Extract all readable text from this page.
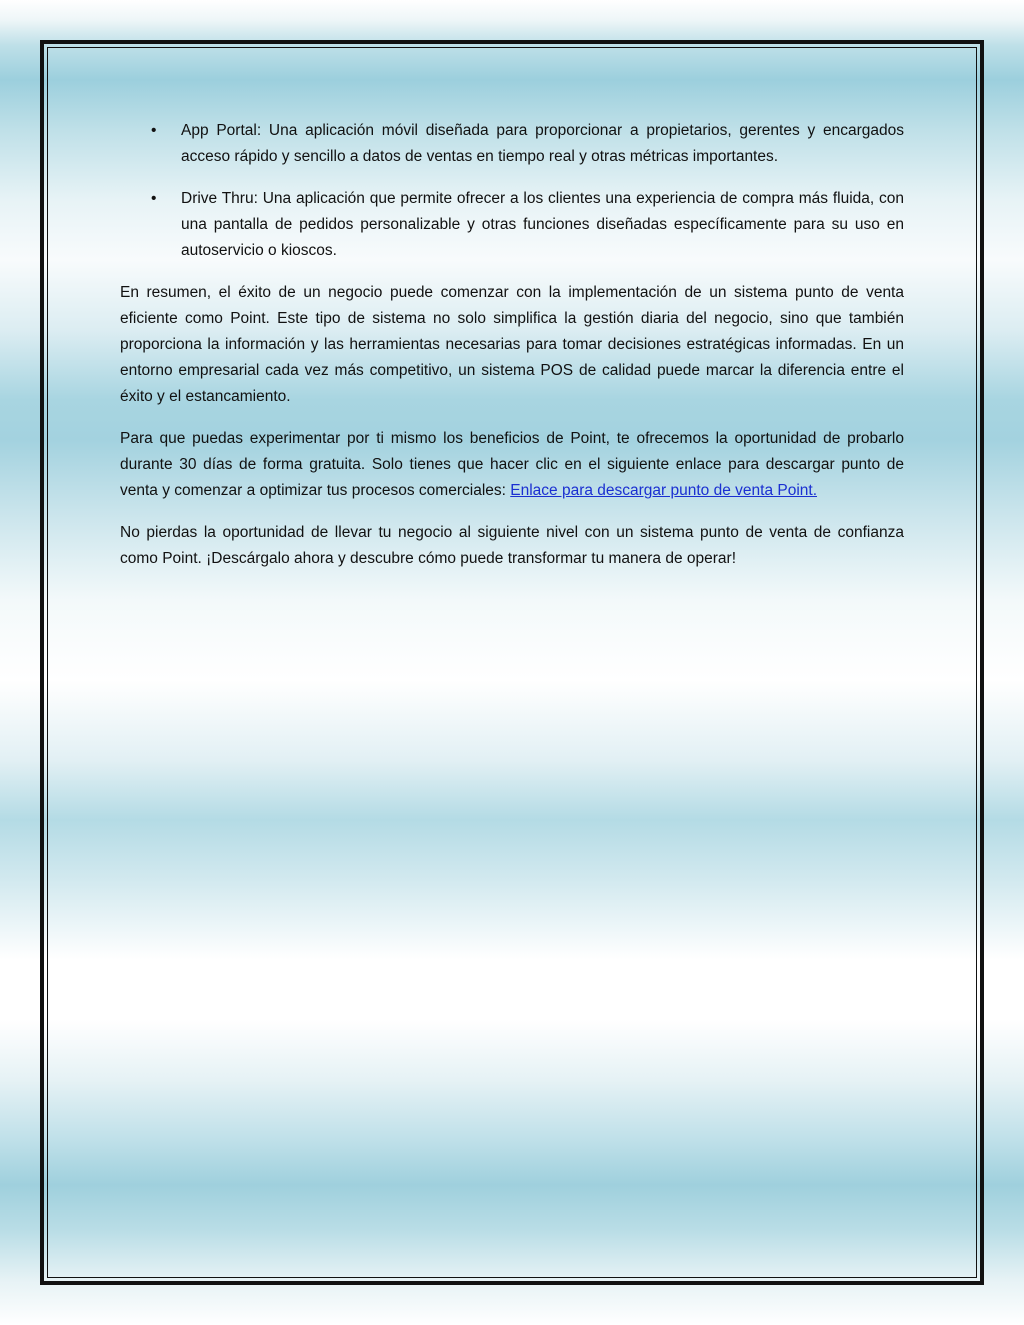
• App Portal: Una aplicación móvil diseñada para proporcionar a propietarios, gerentes y encargados acceso rápido y sencillo a datos de ventas en tiempo real y otras métricas importantes.
• Drive Thru: Una aplicación que permite ofrecer a los clientes una experiencia de compra más fluida, con una pantalla de pedidos personalizable y otras funciones diseñadas específicamente para su uso en autoservicio o kioscos.

En resumen, el éxito de un negocio puede comenzar con la implementación de un sistema punto de venta eficiente como Point. Este tipo de sistema no solo simplifica la gestión diaria del negocio, sino que también proporciona la información y las herramientas necesarias para tomar decisiones estratégicas informadas. En un entorno empresarial cada vez más competitivo, un sistema POS de calidad puede marcar la diferencia entre el éxito y el estancamiento.

Para que puedas experimentar por ti mismo los beneficios de Point, te ofrecemos la oportunidad de probarlo durante 30 días de forma gratuita. Solo tienes que hacer clic en el siguiente enlace para descargar punto de venta y comenzar a optimizar tus procesos comerciales: Enlace para descargar punto de venta Point.

No pierdas la oportunidad de llevar tu negocio al siguiente nivel con un sistema punto de venta de confianza como Point. ¡Descárgalo ahora y descubre cómo puede transformar tu manera de operar!
